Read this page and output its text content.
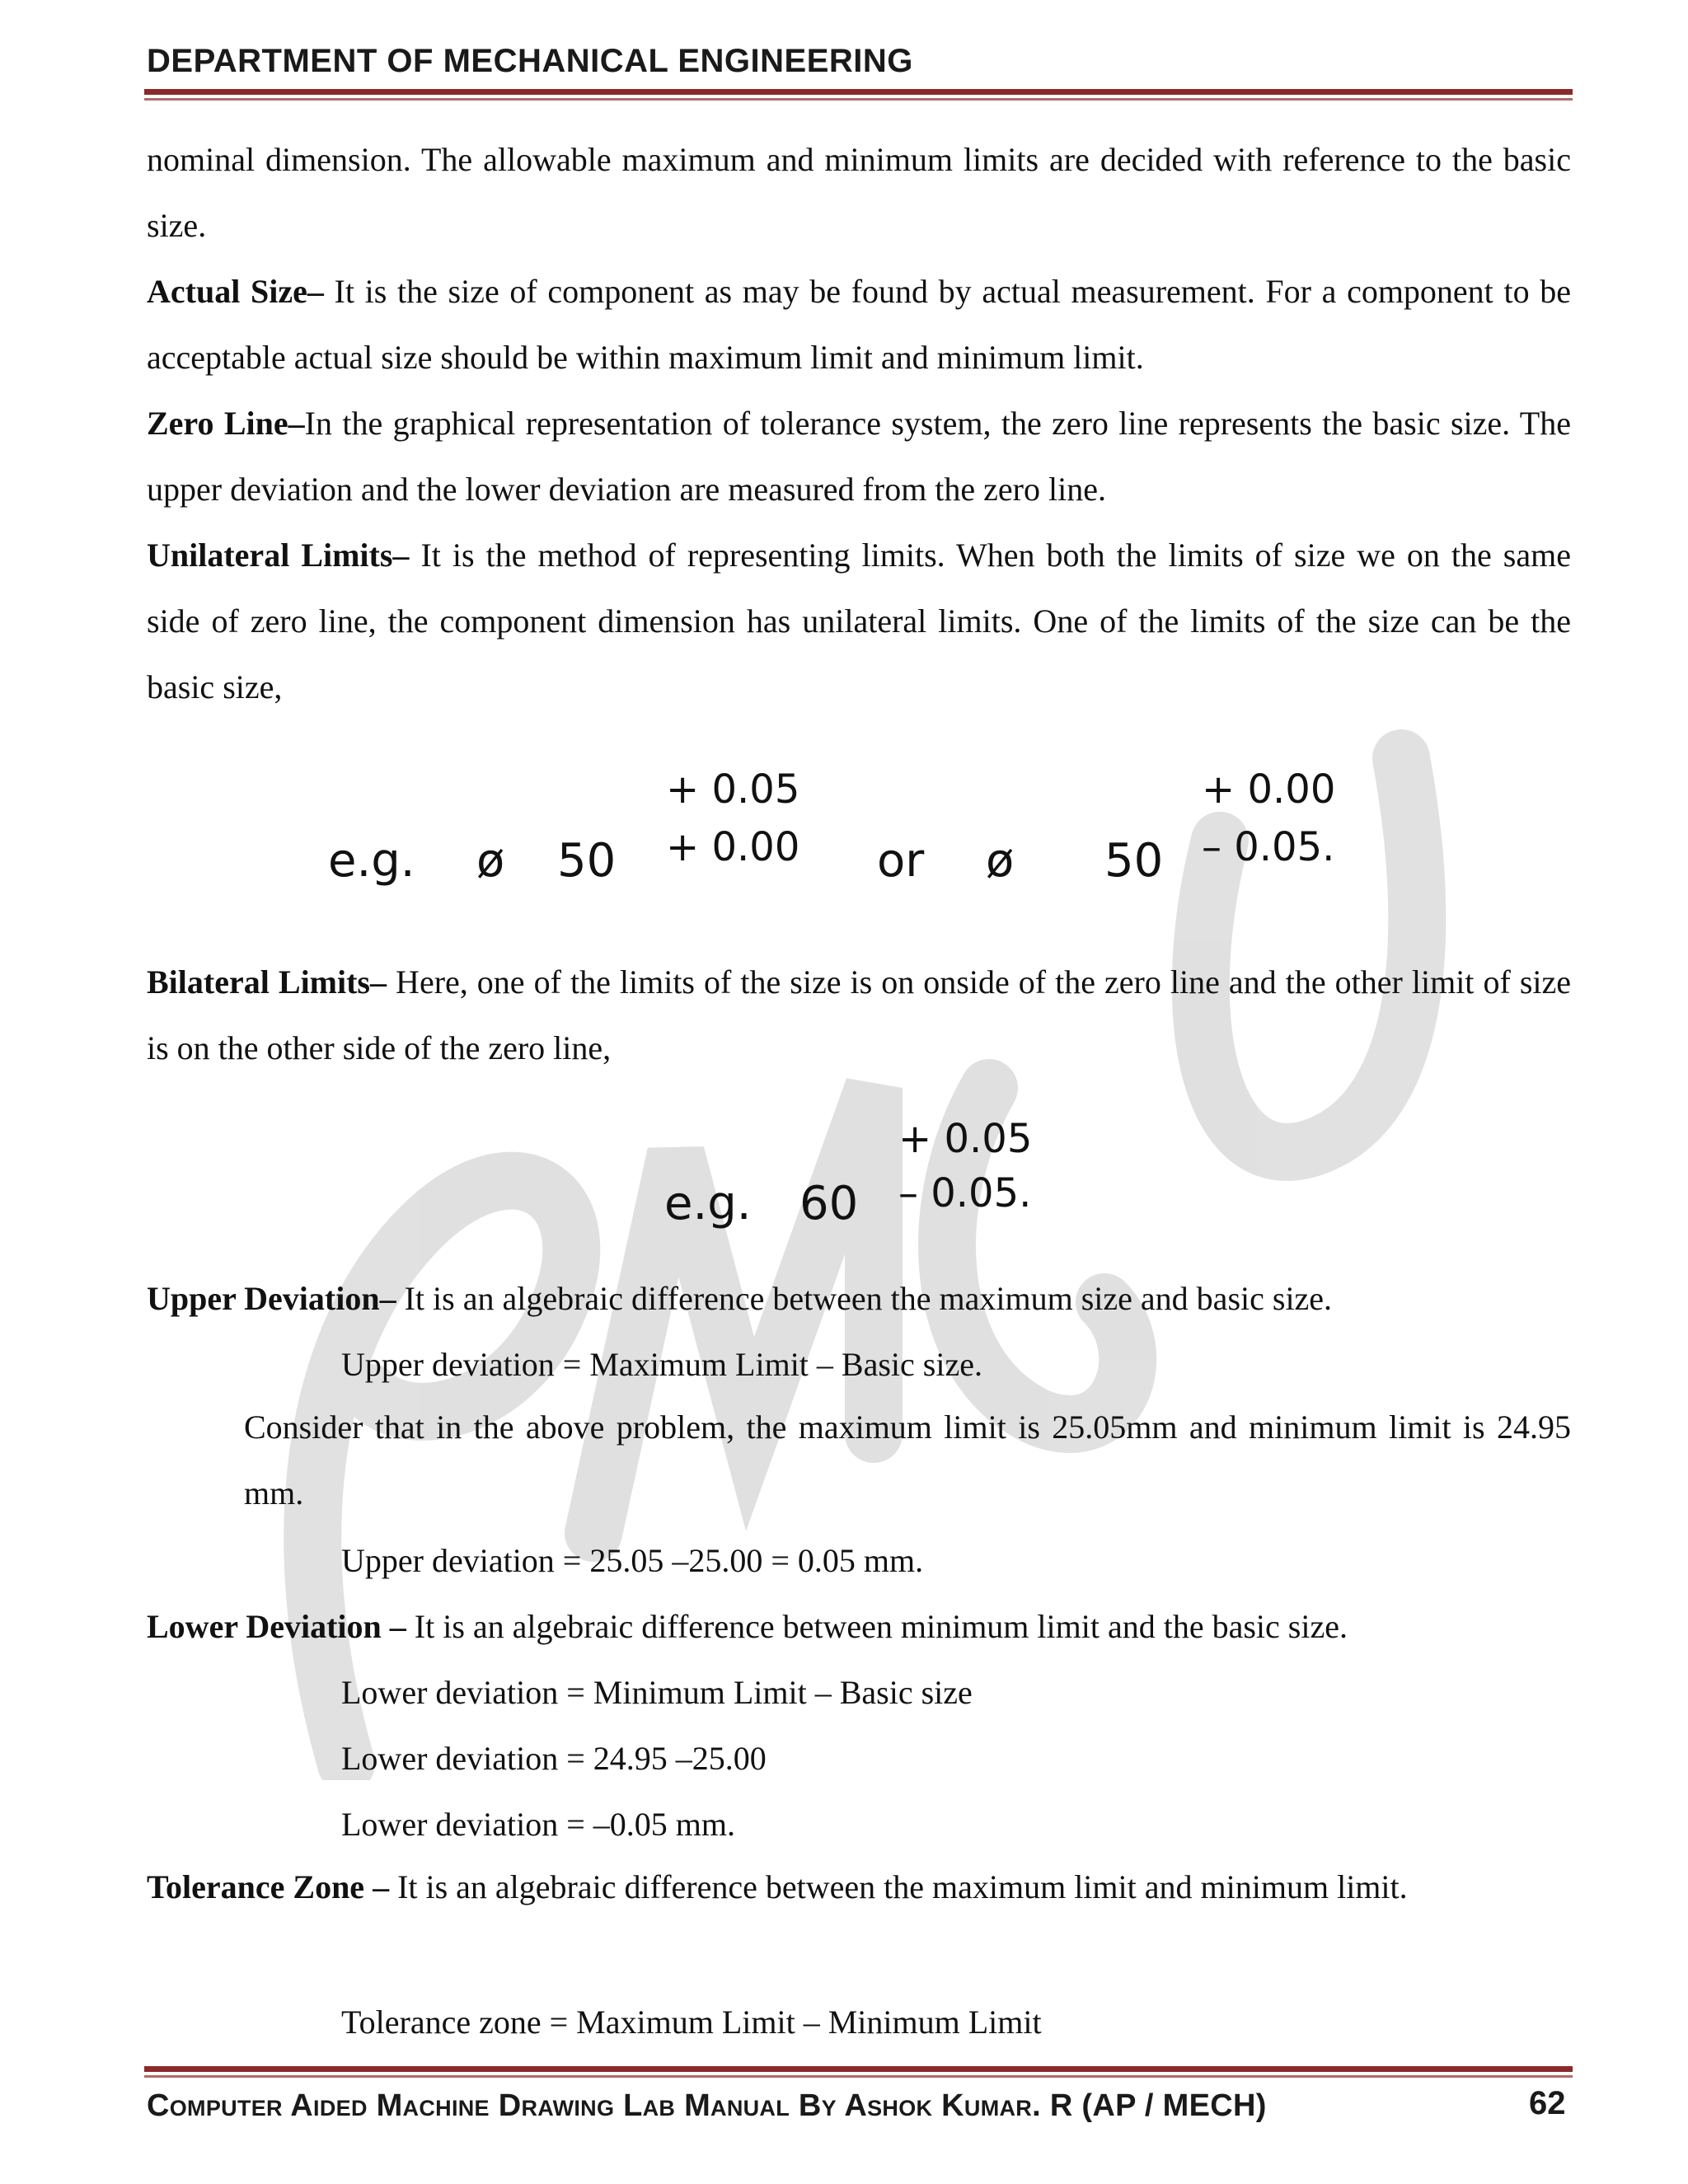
DEPARTMENT OF MECHANICAL ENGINEERING
nominal dimension. The allowable maximum and minimum limits are decided with reference to the basic size.
Actual Size– It is the size of component as may be found by actual measurement. For a component to be acceptable actual size should be within maximum limit and minimum limit.
Zero Line–In the graphical representation of tolerance system, the zero line represents the basic size. The upper deviation and the lower deviation are measured from the zero line.
Unilateral Limits– It is the method of representing limits. When both the limits of size we on the same side of zero line, the component dimension has unilateral limits. One of the limits of the size can be the basic size,
e.g. ø 50
+ 0.05
+ 0.00 or ø 50
+ 0.00
– 0.05.
Bilateral Limits– Here, one of the limits of the size is on onside of the zero line and the other limit of size is on the other side of the zero line,
e.g. 60
+ 0.05
– 0.05.
Upper Deviation– It is an algebraic difference between the maximum size and basic size.
Upper deviation = Maximum Limit – Basic size.
Consider that in the above problem, the maximum limit is 25.05mm and minimum limit is 24.95 mm.
Upper deviation = 25.05 –25.00 = 0.05 mm.
Lower Deviation – It is an algebraic difference between minimum limit and the basic size.
Lower deviation = Minimum Limit – Basic size
Lower deviation = 24.95 –25.00
Lower deviation = –0.05 mm.
Tolerance Zone – It is an algebraic difference between the maximum limit and minimum limit.
Tolerance zone = Maximum Limit – Minimum Limit
Computer Aided Machine Drawing Lab Manual By Ashok Kumar. R (AP / MECH)	62
